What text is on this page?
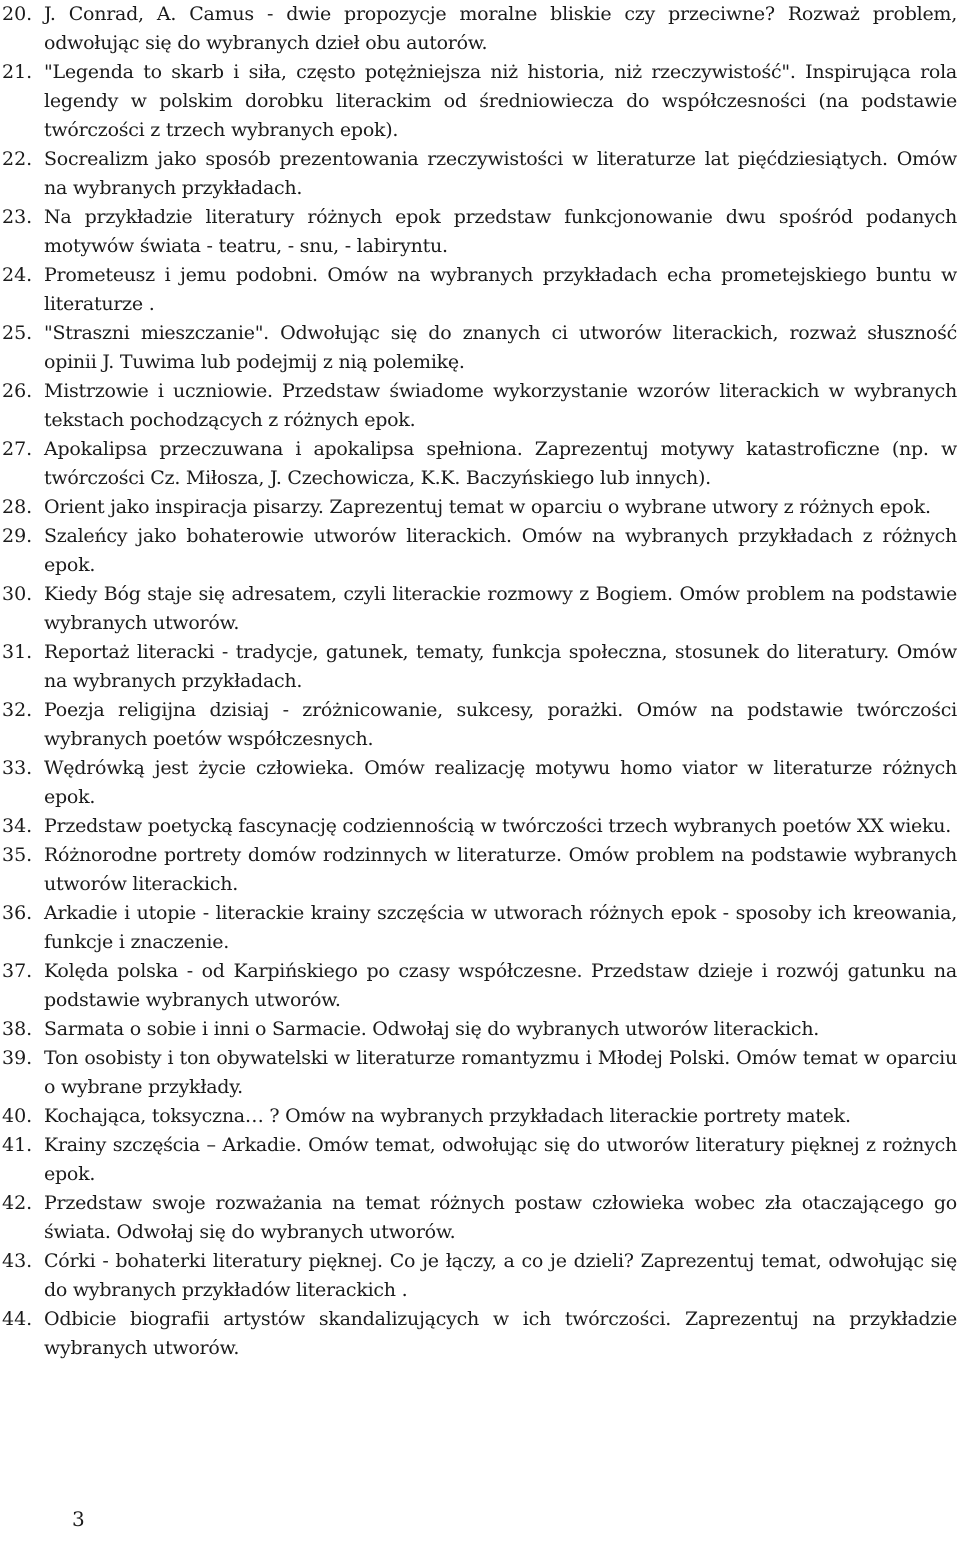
20. J. Conrad, A. Camus - dwie propozycje moralne bliskie czy przeciwne? Rozważ problem, odwołując się do wybranych dzieł obu autorów.
21. "Legenda to skarb i siła, często potężniejsza niż historia, niż rzeczywistość". Inspirująca rola legendy w polskim dorobku literackim od średniowiecza do współczesności (na podstawie twórczości z trzech wybranych epok).
22. Socrealizm jako sposób prezentowania rzeczywistości w literaturze lat pięćdziesiątych. Omów na wybranych przykładach.
23. Na przykładzie literatury różnych epok przedstaw funkcjonowanie dwu spośród podanych motywów świata - teatru, - snu, - labiryntu.
24. Prometeusz i jemu podobni. Omów na wybranych przykładach echa prometejskiego buntu w literaturze .
25. "Straszni mieszczanie". Odwołując się do znanych ci utworów literackich, rozważ słuszność opinii J. Tuwima lub podejmij z nią polemikę.
26. Mistrzowie i uczniowie. Przedstaw świadome wykorzystanie wzorów literackich w wybranych tekstach pochodzących z różnych epok.
27. Apokalipsa przeczuwana i apokalipsa spełniona. Zaprezentuj motywy katastroficzne (np. w twórczości Cz. Miłosza, J. Czechowicza, K.K. Baczyńskiego lub innych).
28. Orient jako inspiracja pisarzy. Zaprezentuj temat w oparciu o wybrane utwory z różnych epok.
29. Szaleńcy jako bohaterowie utworów literackich. Omów na wybranych przykładach z różnych epok.
30. Kiedy Bóg staje się adresatem, czyli literackie rozmowy z Bogiem. Omów problem na podstawie wybranych utworów.
31. Reportaż literacki - tradycje, gatunek, tematy, funkcja społeczna, stosunek do literatury. Omów na wybranych przykładach.
32. Poezja religijna dzisiaj - zróżnicowanie, sukcesy, porażki. Omów na podstawie twórczości wybranych poetów współczesnych.
33. Wędrówką jest życie człowieka. Omów realizację motywu homo viator w literaturze różnych epok.
34. Przedstaw poetycką fascynację codziennością w twórczości trzech wybranych poetów XX wieku.
35. Różnorodne portrety domów rodzinnych w literaturze. Omów problem na podstawie wybranych utworów literackich.
36. Arkadie i utopie - literackie krainy szczęścia w utworach różnych epok - sposoby ich kreowania, funkcje i znaczenie.
37. Kolęda polska - od Karpińskiego po czasy współczesne. Przedstaw dzieje i rozwój gatunku na podstawie wybranych utworów.
38. Sarmata o sobie i inni o Sarmacie. Odwołaj się do wybranych utworów literackich.
39. Ton osobisty i ton obywatelski w literaturze romantyzmu i Młodej Polski. Omów temat w oparciu o wybrane przykłady.
40. Kochająca, toksyczna… ? Omów na wybranych przykładach literackie portrety matek.
41. Krainy szczęścia – Arkadie. Omów temat, odwołując się do utworów literatury pięknej z rożnych epok.
42. Przedstaw swoje rozważania na temat różnych postaw człowieka wobec zła otaczającego go świata. Odwołaj się do wybranych utworów.
43. Córki - bohaterki literatury pięknej. Co je łączy, a co je dzieli? Zaprezentuj temat, odwołując się do wybranych przykładów literackich .
44. Odbicie biografii artystów skandalizujących w ich twórczości. Zaprezentuj na przykładzie wybranych utworów.
3
